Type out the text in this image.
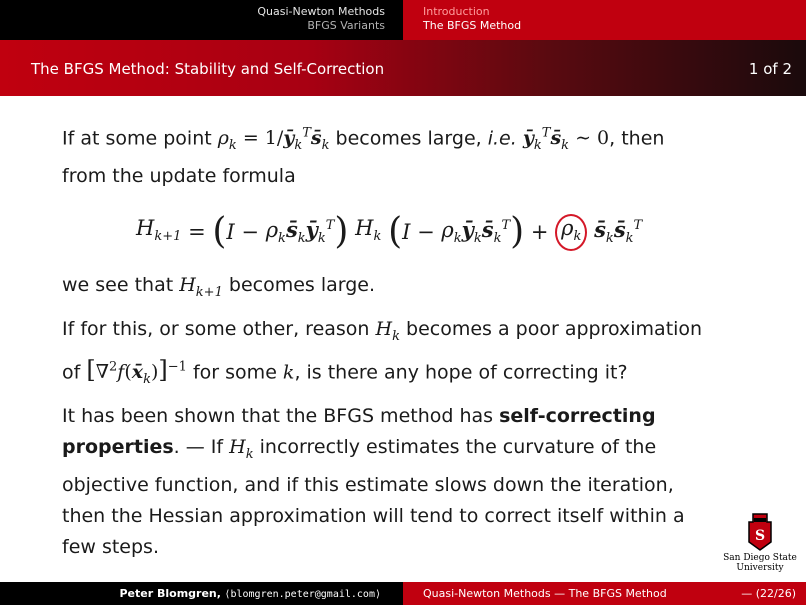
Quasi-Newton Methods
BFGS Variants
Introduction
The BFGS Method
The BFGS Method: Stability and Self-Correction	1 of 2

If at some point $\rho_k$ = $1/ȳ_k^Ts̄_k$ becomes large, i.e. $ȳ_k^Ts̄_k$ ∼ 0, then
from the update formula

$H_{k+1}$
=
( I
−
$\rho_ks̄_kȳ_k^T$ )
$H_k$
( I
−
$\rho_kȳ_ks̄_k^T$ )
+
$\rho_k$
$s̄_ks̄_k^T$

we see that $H_{k+1}$ becomes large.

If for this, or some other, reason $H_k$ becomes a poor approximation
of $[\nabla^2f(x̄_k)]^{-1}$ for some k, is there any hope of correcting it?

It has been shown that the BFGS method has self-correcting
properties. — If $H_k$ incorrectly estimates the curvature of the
objective function, and if this estimate slows down the iteration,
then the Hessian approximation will tend to correct itself within a
few steps.	S
San Diego State
University
Peter Blomgren, ⟨blomgren.peter@gmail.com⟩	Quasi-Newton Methods — The BFGS Method	— (22/26)
